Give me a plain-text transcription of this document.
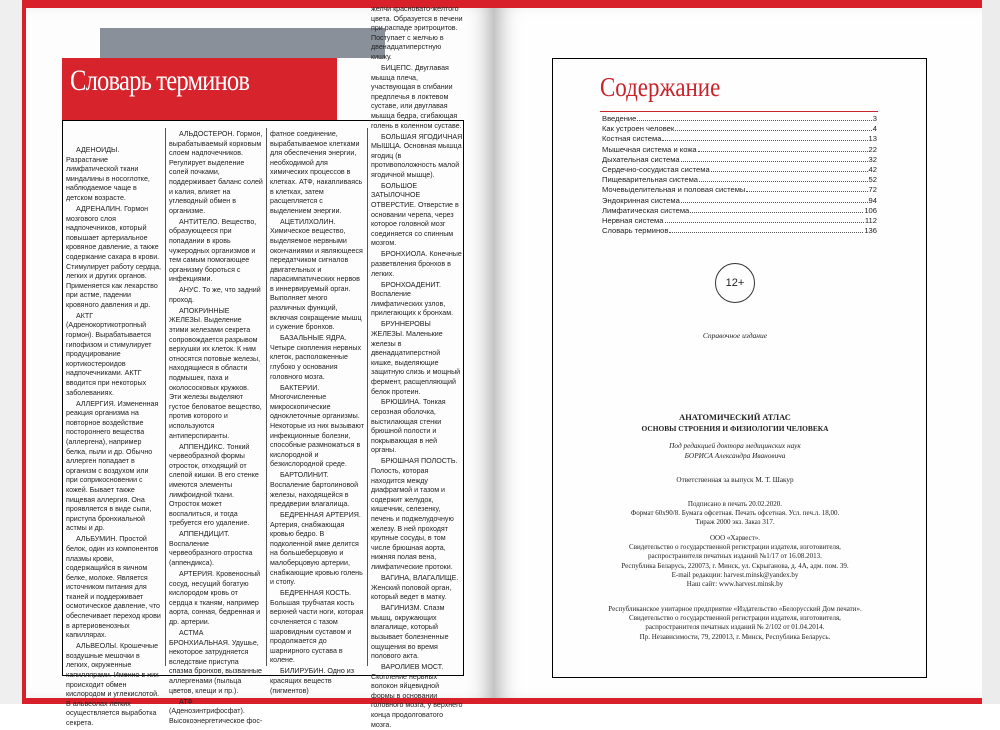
Словарь терминов

АДЕНОИДЫ. Разрастание лимфатической ткани миндалины в носоглотке, наблюдаемое чаще в детском возрасте.

АДРЕНАЛИН. Гормон мозгового слоя надпочечников, который повышает артериальное кровяное давление, а также содержание сахара в крови. Стимулирует работу сердца, легких и других органов. Применяется как лекарство при астме, падении кровяного давления и др.

АКТГ (Адренокортикотропный гормон). Вырабатывается гипофизом и стимулирует продуцирование кортикостероидов надпочечниками. АКТГ вводится при некоторых заболеваниях.

АЛЛЕРГИЯ. Измененная реакция организма на повторное воздействие постороннего вещества (аллергена), например белка, пыли и др. Обычно аллерген попадает в организм с воздухом или при соприкосновении с кожей. Бывает также пищевая аллергия. Она проявляется в виде сыпи, приступа бронхиальной астмы и др.

АЛЬБУМИН. Простой белок, один из компонентов плазмы крови, содержащийся в яичном белке, молоке. Является источником питания для тканей и поддерживает осмотическое давление, что обеспечивает переход крови в артериовенозных капиллярах.

АЛЬВЕОЛЫ. Крошечные воздушные мешочки в легких, окруженные капиллярами. Именно в них происходит обмен кислородом и углекислотой. В альвеолах легких осуществляется выработка секрета.

АЛЬДОСТЕРОН. Гормон, вырабатываемый корковым слоем надпочечников. Регулирует выделение солей почками, поддерживает баланс солей и калия, влияет на углеводный обмен в организме.

АНТИТЕЛО. Вещество, образующееся при попадании в кровь чужеродных организмов и тем самым помогающее организму бороться с инфекциями.

АНУС. То же, что задний проход.

АПОКРИННЫЕ ЖЕЛЕЗЫ. Выделение этими железами секрета сопровождается разрывом верхушки их клеток. К ним относятся потовые железы, находящиеся в области подмышек, паха и околососковых кружков. Эти железы выделяют густое беловатое вещество, против которого и используются антиперспиранты.

АППЕНДИКС. Тонкий червеобразной формы отросток, отходящий от слепой кишки. В его стенке имеются элементы лимфоидной ткани. Отросток может воспалиться, и тогда требуется его удаление.

АППЕНДИЦИТ. Воспаление червеобразного отростка (аппендикса).

АРТЕРИЯ. Кровеносный сосуд, несущий богатую кислородом кровь от сердца к тканям, например аорта, сонная, бедренная и др. артерии.

АСТМА БРОНХИАЛЬНАЯ. Удушье, некоторое затрудняется вследствие приступа спазма бронхов, вызванные аллергенами (пыльца цветов, клещи и пр.).

АТФ (Аденозинтрифосфат). Высокоэнергетическое фос-

фатное соединение, вырабатываемое клетками для обеспечения энергии, необходимой для химических процессов в клетках. АТФ, накапливаясь в клетках, затем расщепляется с выделением энергии.

АЦЕТИЛХОЛИН. Химическое вещество, выделяемое нервными окончаниями и являющееся передатчиком сигналов двигательных и парасимпатических нервов в иннервируемый орган. Выполняет много различных функций, включая сокращение мышц и сужение бронхов.

БАЗАЛЬНЫЕ ЯДРА. Четыре скопления нервных клеток, расположенные глубоко у основания головного мозга.

БАКТЕРИИ. Многочисленные микроскопические одноклеточные организмы. Некоторые из них вызывают инфекционные болезни, способные размножаться в кислородной и безкислородной среде.

БАРТОЛИНИТ. Воспаление бартолиновой железы, находящейся в преддверии влагалища.

БЕДРЕННАЯ АРТЕРИЯ. Артерия, снабжающая кровью бедро. В подколенной ямке делится на большеберцовую и малоберцовую артерии, снабжающие кровью голень и стопу.

БЕДРЕННАЯ КОСТЬ. Большая трубчатая кость верхней части ноги, которая сочленяется с тазом шаровидным суставом и продолжается до шарнирного сустава в колене.

БИЛИРУБИН. Одно из красящих веществ (пигментов)

желчи красновато-желтого цвета. Образуется в печени при распаде эритроцитов. Поступает с желчью в двенадцатиперстную кишку.

БИЦЕПС. Двуглавая мышца плеча, участвующая в сгибании предплечья в локтевом суставе, или двуглавая мышца бедра, сгибающая голень в коленном суставе.

БОЛЬШАЯ ЯГОДИЧНАЯ МЫШЦА. Основная мышца ягодиц (в противоположность малой ягодичной мышце).

БОЛЬШОЕ ЗАТЫЛОЧНОЕ ОТВЕРСТИЕ. Отверстие в основании черепа, через которое головной мозг соединяется со спинным мозгом.

БРОНХИОЛА. Конечные разветвления бронхов в легких.

БРОНХОАДЕНИТ. Воспаление лимфатических узлов, прилегающих к бронхам.

БРУННЕРОВЫ ЖЕЛЕЗЫ. Маленькие железы в двенадцатиперстной кишке, выделяющие защитную слизь и мощный фермент, расщепляющий белок протеин.

БРЮШИНА. Тонкая серозная оболочка, выстилающая стенки брюшной полости и покрывающая в ней органы.

БРЮШНАЯ ПОЛОСТЬ. Полость, которая находится между диафрагмой и тазом и содержит желудок, кишечник, селезенку, печень и поджелудочную железу. В ней проходят крупные сосуды, в том числе брюшная аорта, нижняя полая вена, лимфатические протоки.

ВАГИНА, ВЛАГАЛИЩЕ. Женский половой орган, который ведет в матку.

ВАГИНИЗМ. Спазм мышц, окружающих влагалище, который вызывает болезненные ощущения во время полового акта.

ВАРОЛИЕВ МОСТ. Скопление нервных волокон яйцевидной формы в основании головного мозга, у верхнего конца продолговатого мозга.

Содержание
Введение	3
Как устроен человек	4
Костная система	13
Мышечная система и кожа	22
Дыхательная система	32
Сердечно-сосудистая система	42
Пищеварительная система	52
Мочевыделительная и половая системы	72
Эндокринная система	94
Лимфатическая система	106
Нервная система	112
Словарь терминов	136
12+
Справочное издание
АНАТОМИЧЕСКИЙ АТЛАС
ОСНОВЫ СТРОЕНИЯ И ФИЗИОЛОГИИ ЧЕЛОВЕКА
Под редакцией доктора медицинских наук
БОРИСА Александра Ивановича
Ответственная за выпуск М. Т. Шакур
Подписано в печать 20.02.2020.
Формат 60х90/8. Бумага офсетная. Печать офсетная. Усл. печ.л. 18,00.
Тираж 2000 экз. Заказ 317.
ООО «Харвест».
Свидетельство о государственной регистрации издателя, изготовителя,
распространителя печатных изданий №1/17 от 16.08.2013.
Республика Беларусь, 220073, г. Минск, ул. Скрыганова, д. 4А, адм. пом. 39.
E-mail редакции: harvest.minsk@yandex.by
Наш сайт: www.harvest.minsk.by
Республиканское унитарное предприятие «Издательство «Белорусский Дом печати».
Свидетельство о государственной регистрации издателя, изготовителя,
распространителя печатных изданий № 2/102 от 01.04.2014.
Пр. Независимости, 79, 220013, г. Минск, Республика Беларусь.
